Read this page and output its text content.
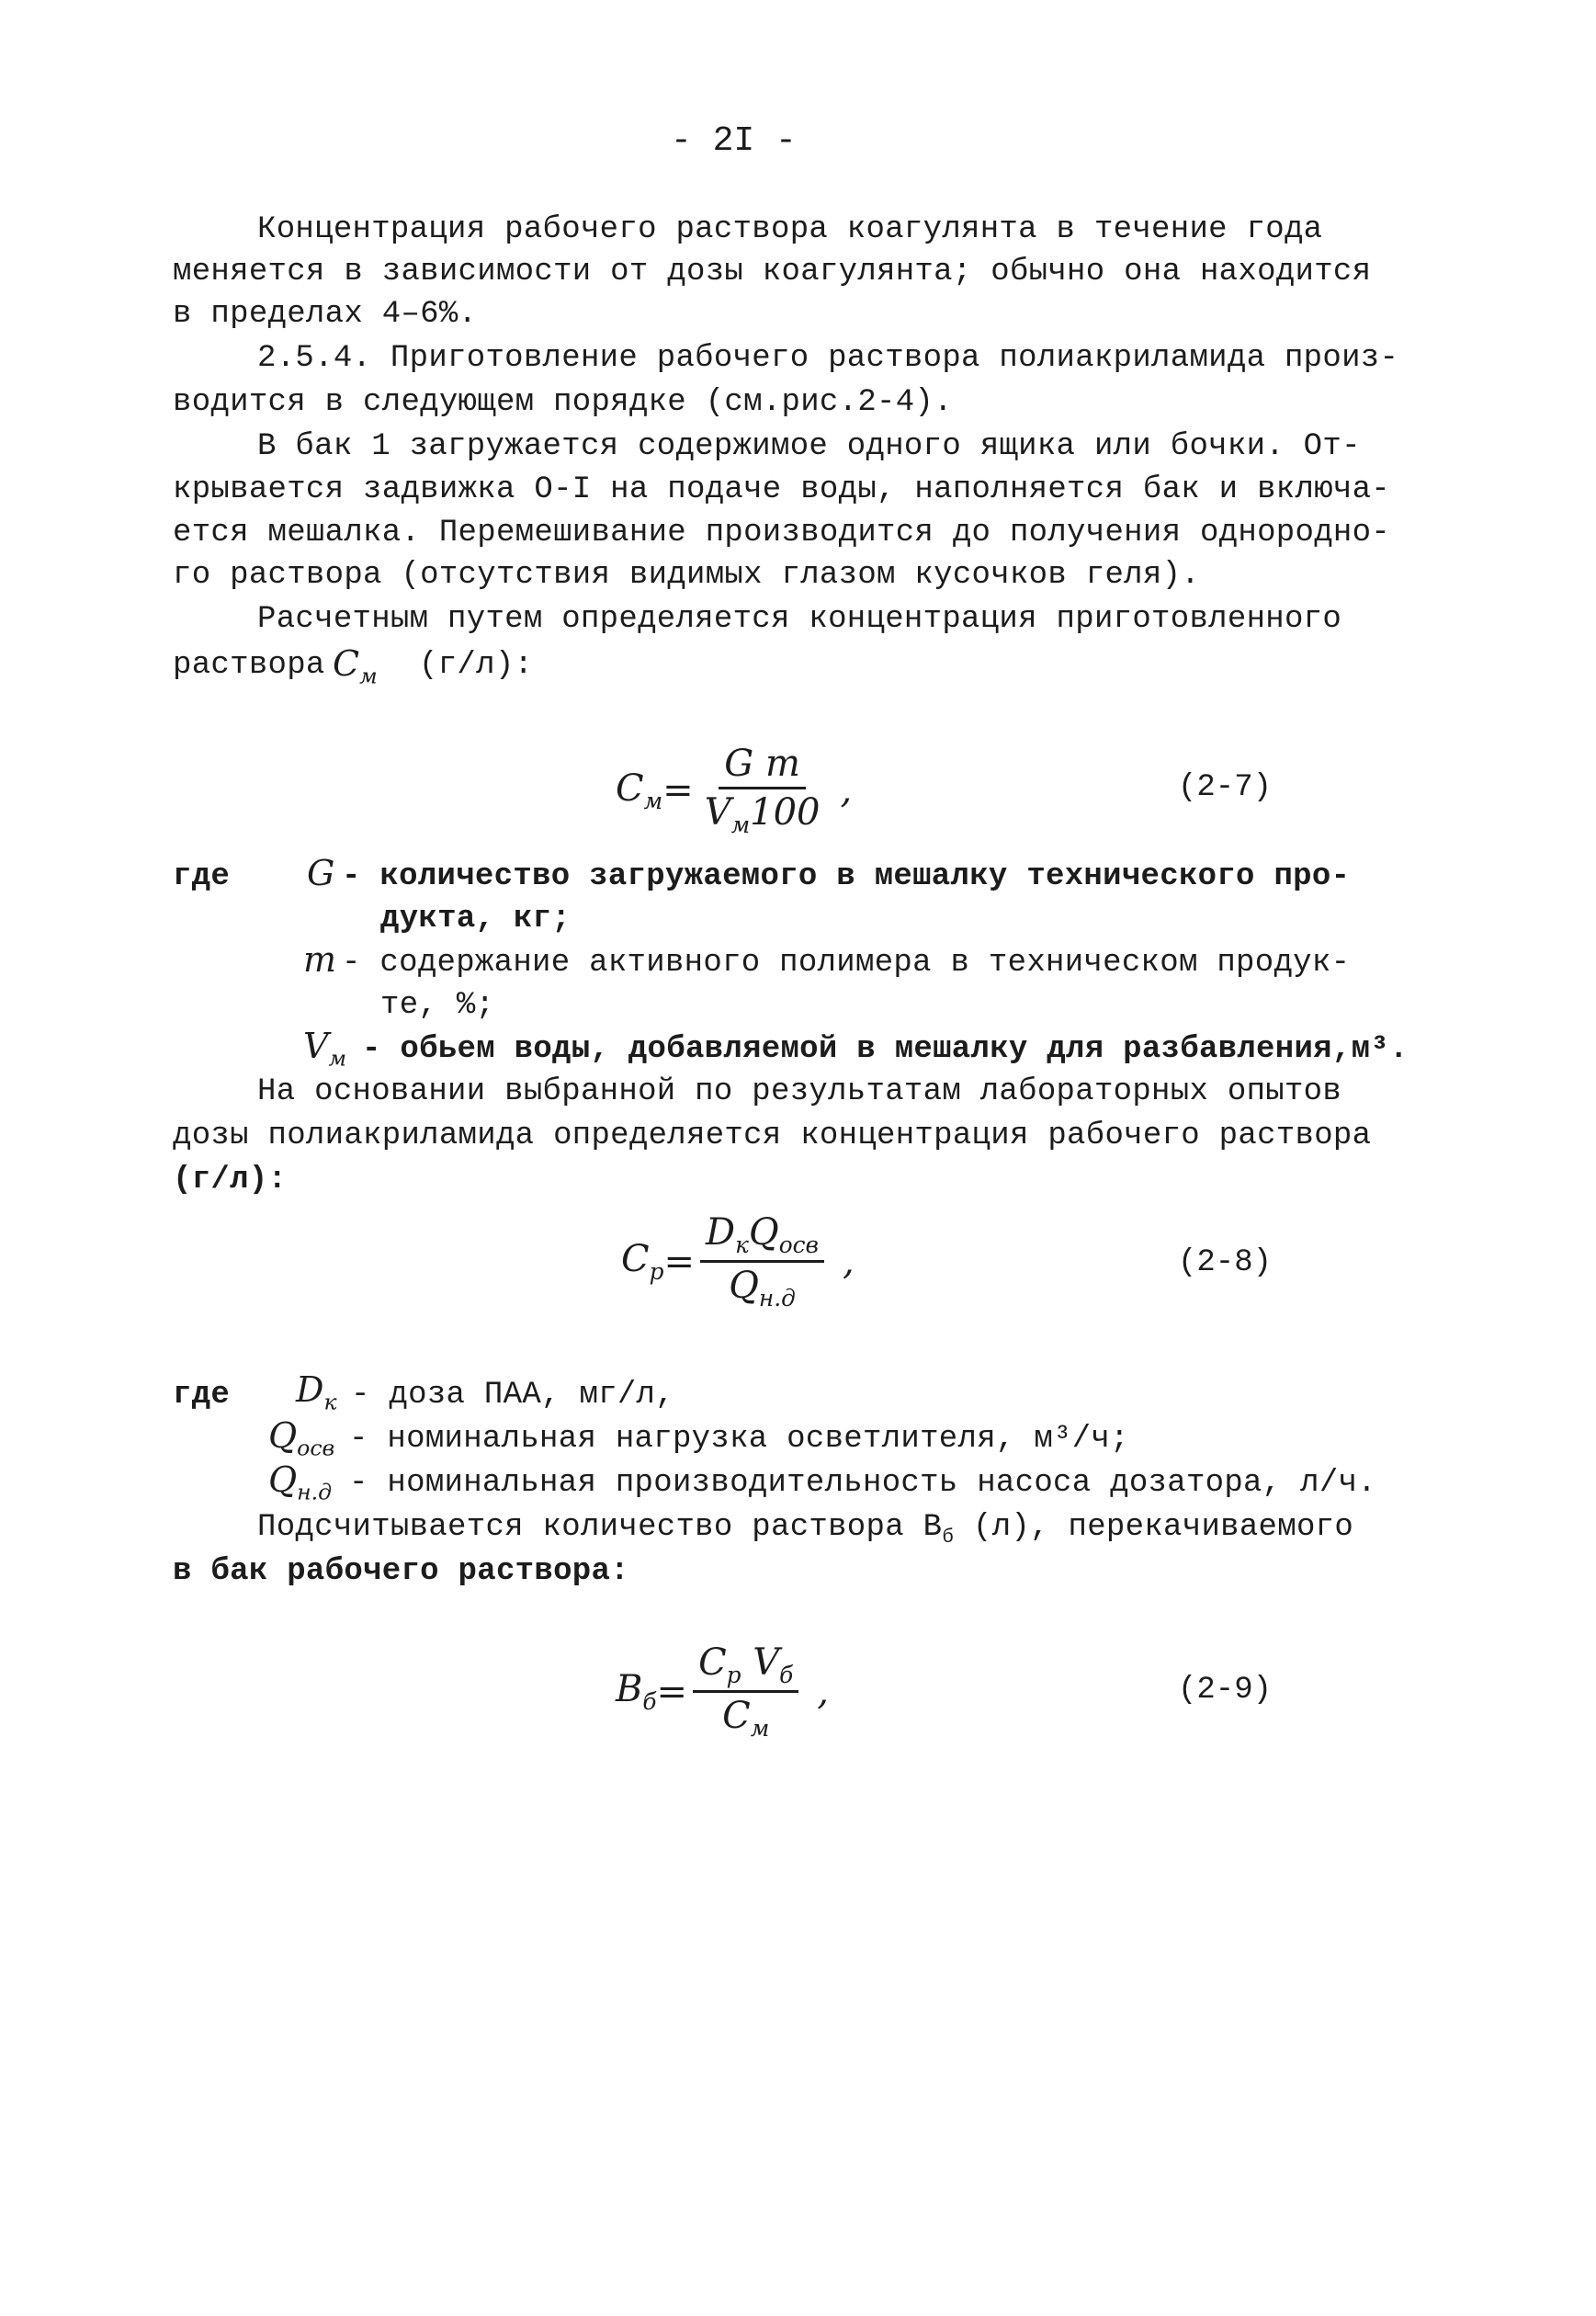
- 2I -
Концентрация рабочего раствора коагулянта в течение года
меняется в зависимости от дозы коагулянта; обычно она находится
в пределах 4–6%.
2.5.4. Приготовление рабочего раствора полиакриламида произ-
водится в следующем порядке (см.рис.2-4).
В бак 1 загружается содержимое одного ящика или бочки. От-
крывается задвижка О-I на подаче воды, наполняется бак и включа-
ется мешалка. Перемешивание производится до получения однородно-
го раствора (отсутствия видимых глазом кусочков геля).
Расчетным путем определяется концентрация приготовленного
раствора $C_м$ (г/л):
$C_м = \frac{\text{G m}}{V_м100}$ ,	(2-7)
где G - количество загружаемого в мешалку технического про-
дукта, кг;
m - содержание активного полимера в техническом продук-
те, %;
$V_м$ - обьем воды, добавляемой в мешалку для разбавления,м³.
На основании выбранной по результатам лабораторных опытов
дозы полиакриламида определяется концентрация рабочего раствора
(г/л):
$C_p = \frac{D_кQ_{осв}}{Q_{н.д}}$ ,	(2-8)
где $D_к$ - доза ПАА, мг/л,
$Q_{осв}$ - номинальная нагрузка осветлителя, м³/ч;
$Q_{н.д}$ - номинальная производительность насоса дозатора, л/ч.
Подсчитывается количество раствора $В_б$ (л), перекачиваемого
в бак рабочего раствора:
$B_б = \frac{C_p V_б}{C_м}$ ,	(2-9)
